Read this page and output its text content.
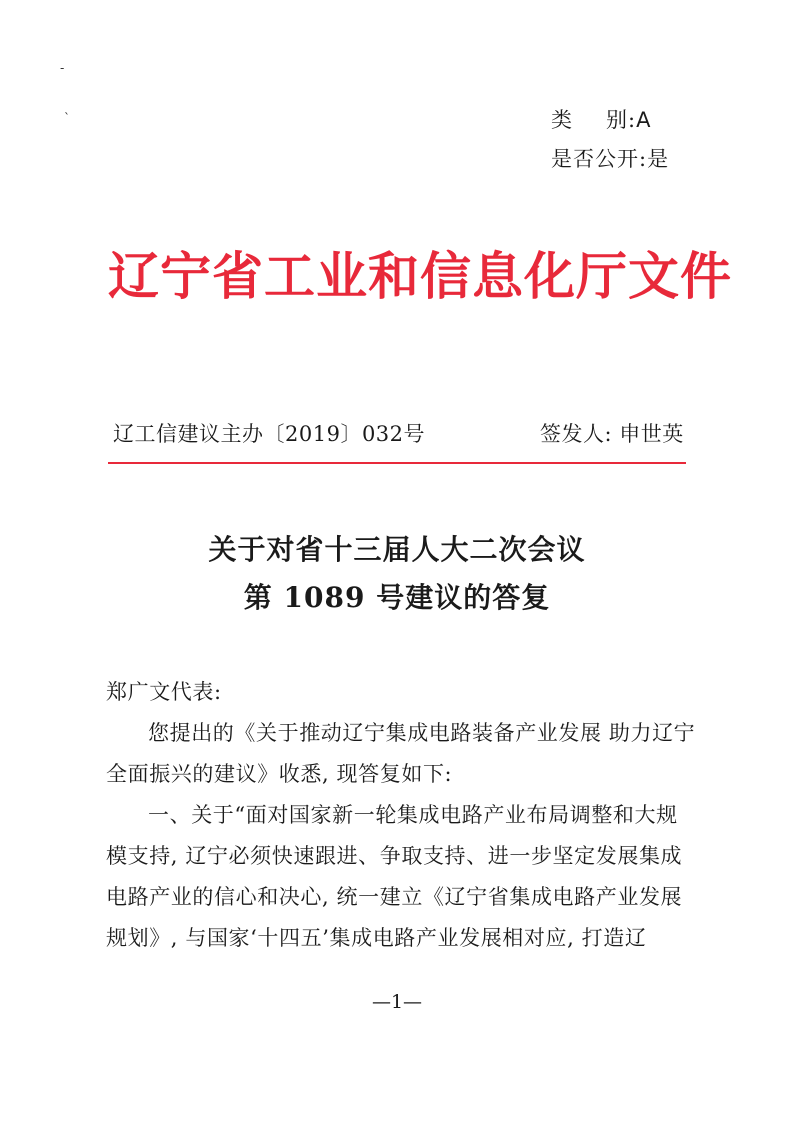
-
`	类 别:A
是否公开:是
辽宁省工业和信息化厅文件
辽工信建议主办〔2019〕032号	签发人: 申世英
关于对省十三届人大二次会议
第 1089 号建议的答复
郑广文代表:
您提出的《关于推动辽宁集成电路装备产业发展 助力辽宁
全面振兴的建议》收悉, 现答复如下:
一、关于“面对国家新一轮集成电路产业布局调整和大规
模支持, 辽宁必须快速跟进、争取支持、进一步坚定发展集成
电路产业的信心和决心, 统一建立《辽宁省集成电路产业发展
规划》, 与国家‘十四五’集成电路产业发展相对应, 打造辽
—1—
